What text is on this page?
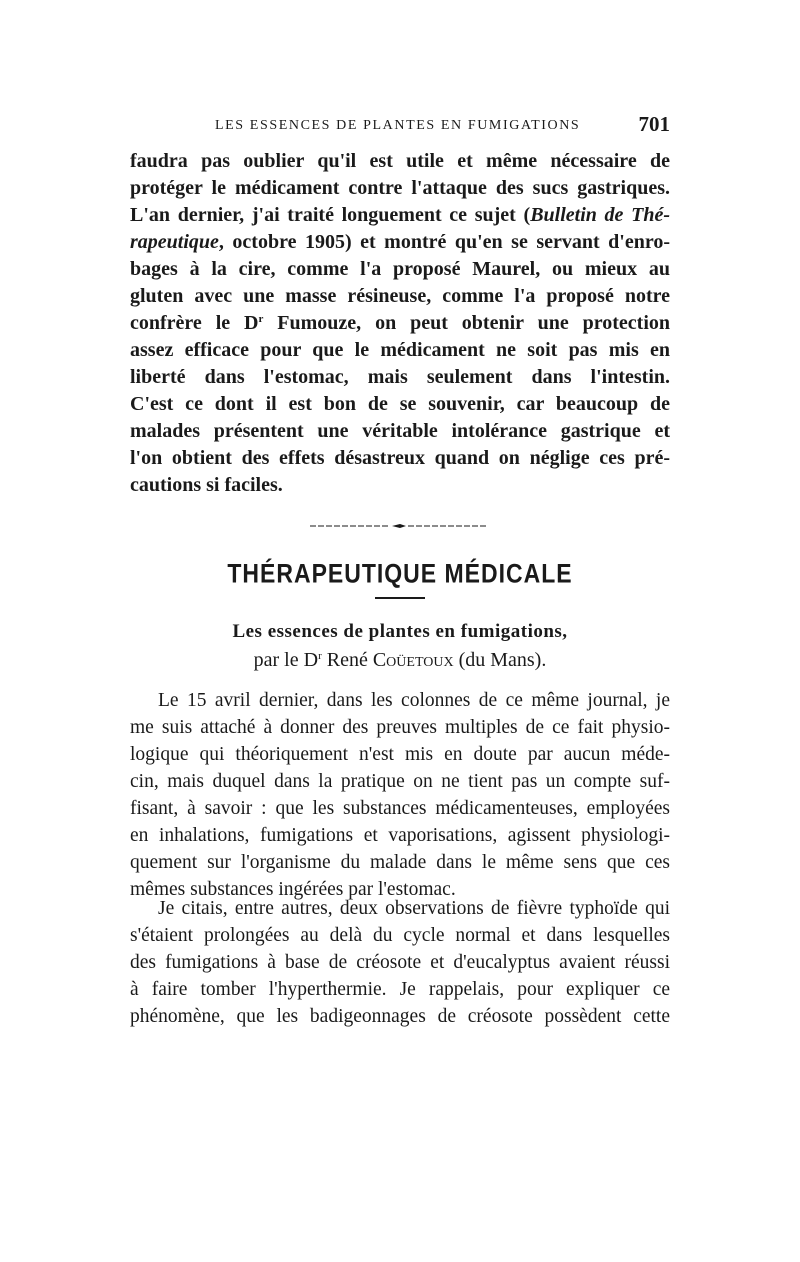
LES ESSENCES DE PLANTES EN FUMIGATIONS	701
faudra pas oublier qu'il est utile et même nécessaire de
protéger le médicament contre l'attaque des sucs gastriques.
L'an dernier, j'ai traité longuement ce sujet (Bulletin de Thé-
rapeutique, octobre 1905) et montré qu'en se servant d'enro-
bages à la cire, comme l'a proposé Maurel, ou mieux au
gluten avec une masse résineuse, comme l'a proposé notre
confrère le $D^r$ Fumouze, on peut obtenir une protection
assez efficace pour que le médicament ne soit pas mis en
liberté dans l'estomac, mais seulement dans l'intestin.
C'est ce dont il est bon de se souvenir, car beaucoup de
malades présentent une véritable intolérance gastrique et
l'on obtient des effets désastreux quand on néglige ces pré-
cautions si faciles.
THÉRAPEUTIQUE MÉDICALE
Les essences de plantes en fumigations,
par le $D^r$ René Coüetoux (du Mans).
Le 15 avril dernier, dans les colonnes de ce même journal, je
me suis attaché à donner des preuves multiples de ce fait physio-
logique qui théoriquement n'est mis en doute par aucun méde-
cin, mais duquel dans la pratique on ne tient pas un compte suf-
fisant, à savoir : que les substances médicamenteuses, employées
en inhalations, fumigations et vaporisations, agissent physiologi-
quement sur l'organisme du malade dans le même sens que ces
mêmes substances ingérées par l'estomac.
Je citais, entre autres, deux observations de fièvre typhoïde qui
s'étaient prolongées au delà du cycle normal et dans lesquelles
des fumigations à base de créosote et d'eucalyptus avaient réussi
à faire tomber l'hyperthermie. Je rappelais, pour expliquer ce
phénomène, que les badigeonnages de créosote possèdent cette
